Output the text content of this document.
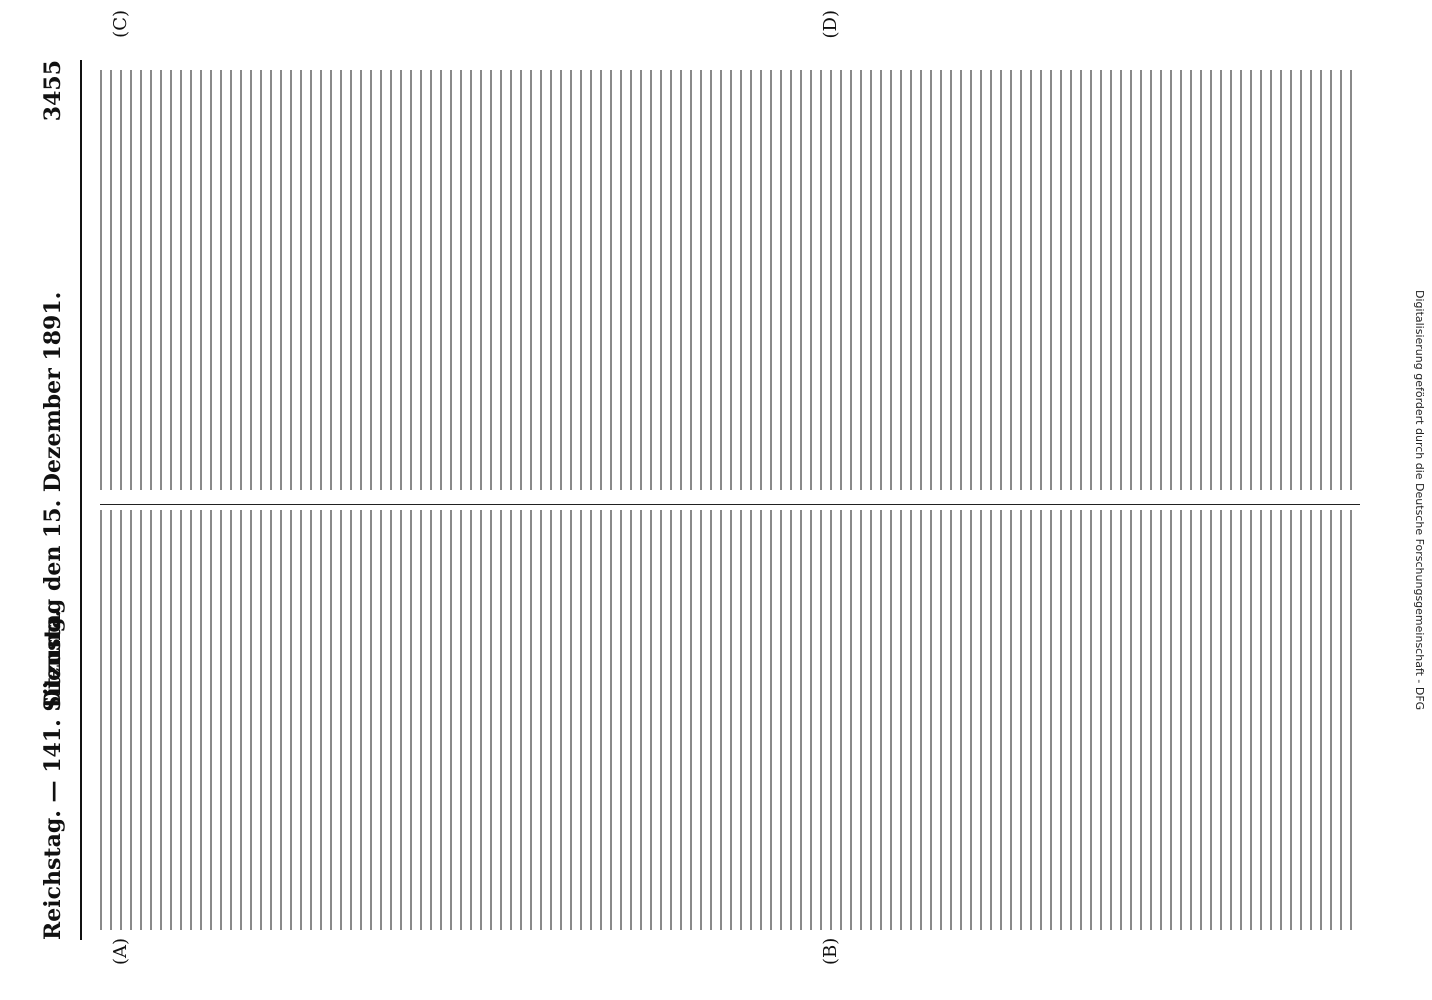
Reichstag. — 141. Sitzung.
Dienstag den 15. Dezember 1891.
3455
(A)	(B)
(C)	(D)
Digitalisierung gefördert durch die Deutsche Forschungsgemeinschaft - DFG
